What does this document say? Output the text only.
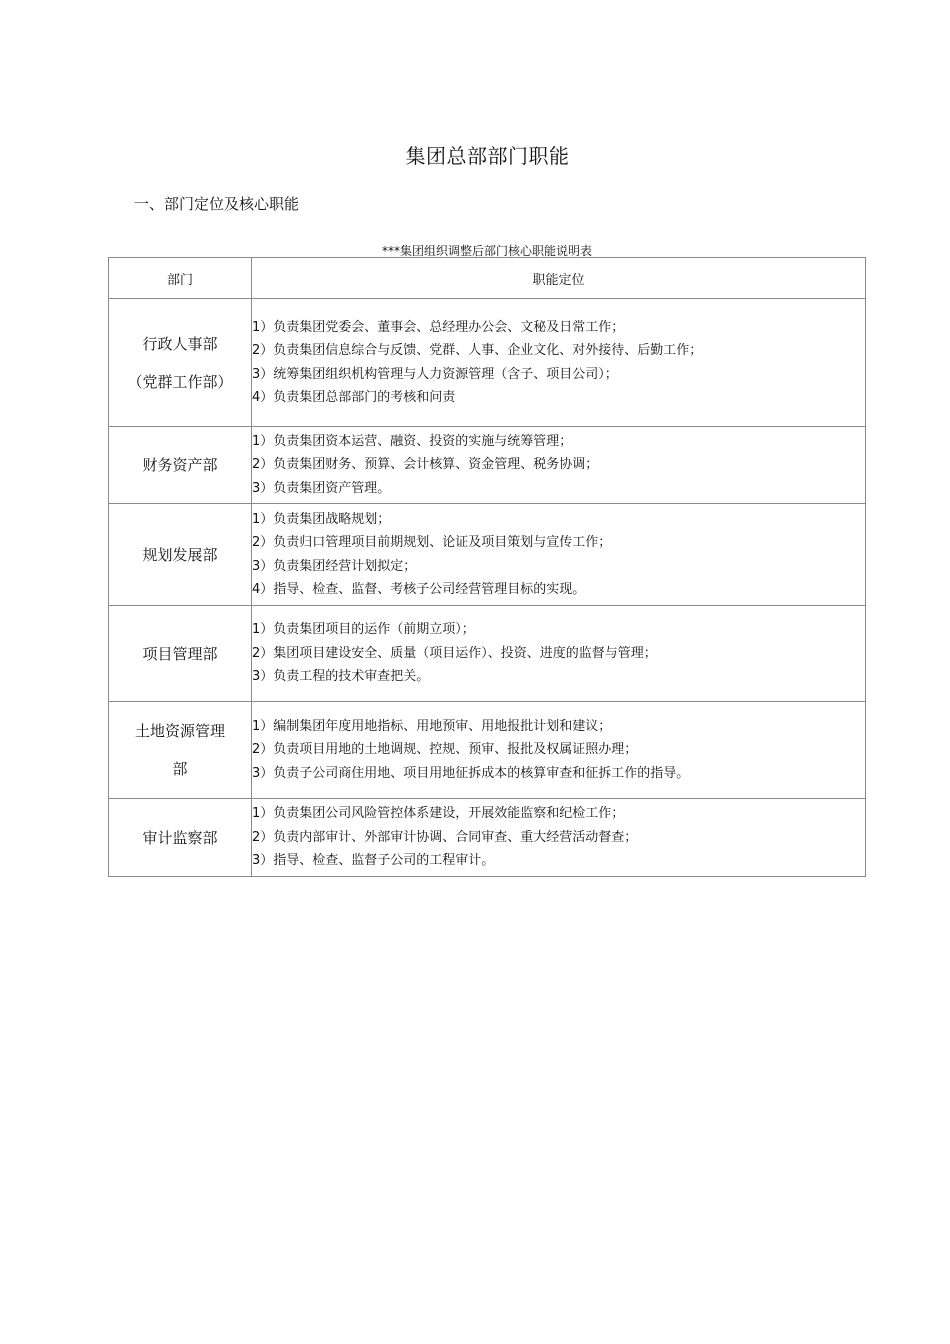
集团总部部门职能
一、部门定位及核心职能
***集团组织调整后部门核心职能说明表
部门	职能定位

行政人事部
（党群工作部）	1）负责集团党委会、董事会、总经理办公会、文秘及日常工作；
2）负责集团信息综合与反馈、党群、人事、企业文化、对外接待、后勤工作；
3）统筹集团组织机构管理与人力资源管理（含子、项目公司）；
4）负责集团总部部门的考核和问责

财务资产部	1）负责集团资本运营、融资、投资的实施与统筹管理；
2）负责集团财务、预算、会计核算、资金管理、税务协调；
3）负责集团资产管理。

规划发展部	1）负责集团战略规划；
2）负责归口管理项目前期规划、论证及项目策划与宣传工作；
3）负责集团经营计划拟定；
4）指导、检查、监督、考核子公司经营管理目标的实现。

项目管理部	1）负责集团项目的运作（前期立项）；
2）集团项目建设安全、质量（项目运作）、投资、进度的监督与管理；
3）负责工程的技术审查把关。

土地资源管理
部	1）编制集团年度用地指标、用地预审、用地报批计划和建议；
2）负责项目用地的土地调规、控规、预审、报批及权属证照办理；
3）负责子公司商住用地、项目用地征拆成本的核算审查和征拆工作的指导。

审计监察部	1）负责集团公司风险管控体系建设，开展效能监察和纪检工作；
2）负责内部审计、外部审计协调、合同审查、重大经营活动督查；
3）指导、检查、监督子公司的工程审计。
